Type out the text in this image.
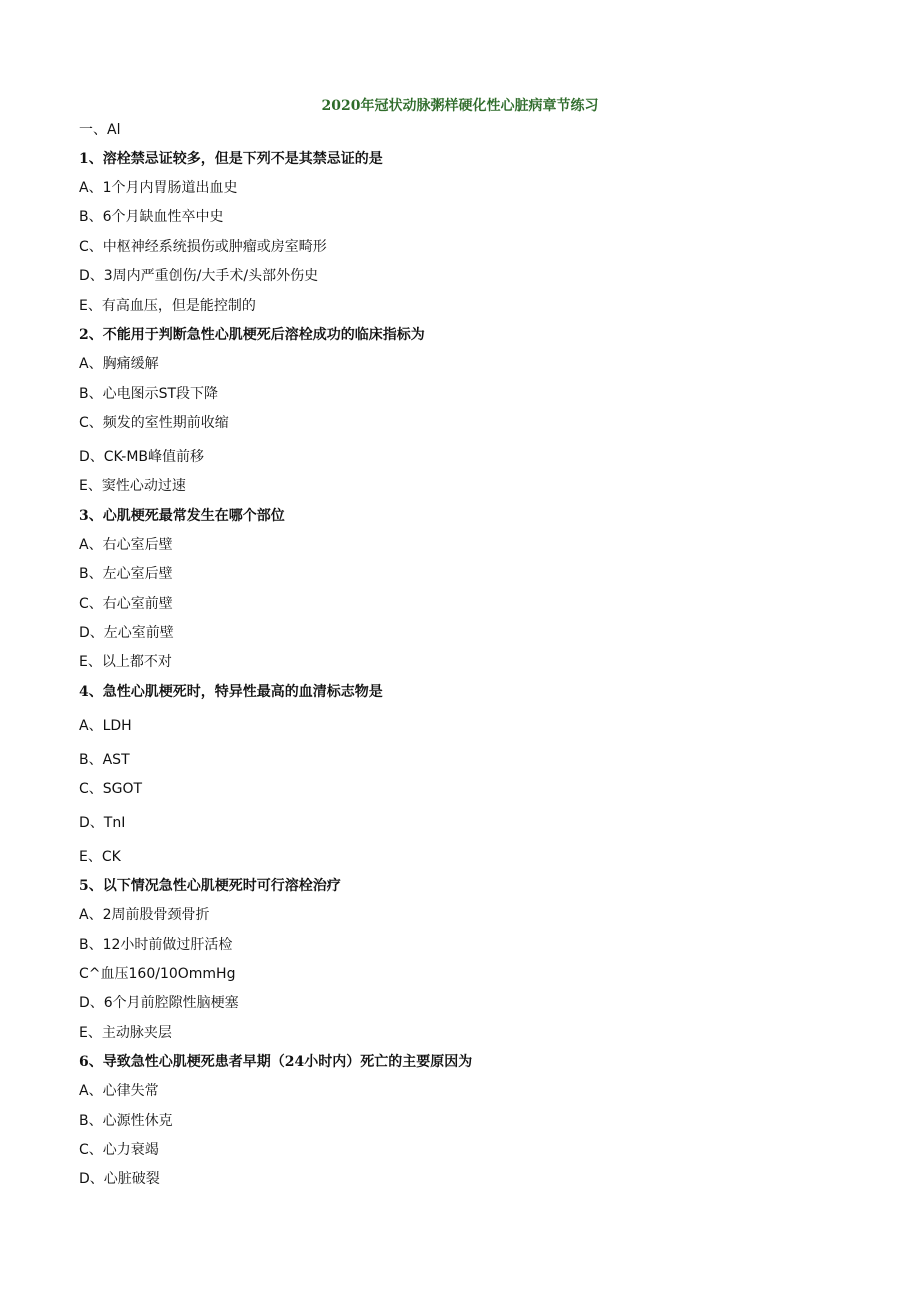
2020年冠状动脉粥样硬化性心脏病章节练习
一、Al
1、溶栓禁忌证较多，但是下列不是其禁忌证的是
A、1个月内胃肠道出血史
B、6个月缺血性卒中史
C、中枢神经系统损伤或肿瘤或房室畸形
D、3周内严重创伤/大手术/头部外伤史
E、有高血压，但是能控制的
2、不能用于判断急性心肌梗死后溶栓成功的临床指标为
A、胸痛缓解
B、心电图示ST段下降
C、频发的室性期前收缩
D、CK-MB峰值前移
E、窦性心动过速
3、心肌梗死最常发生在哪个部位
A、右心室后壁
B、左心室后壁
C、右心室前壁
D、左心室前壁
E、以上都不对
4、急性心肌梗死时，特异性最高的血清标志物是
A、LDH
B、AST
C、SGOT
D、TnI
E、CK
5、以下情况急性心肌梗死时可行溶栓治疗
A、2周前股骨颈骨折
B、12小时前做过肝活检
C^血压160/10OmmHg
D、6个月前腔隙性脑梗塞
E、主动脉夹层
6、导致急性心肌梗死患者早期（24小时内）死亡的主要原因为
A、心律失常
B、心源性休克
C、心力衰竭
D、心脏破裂
